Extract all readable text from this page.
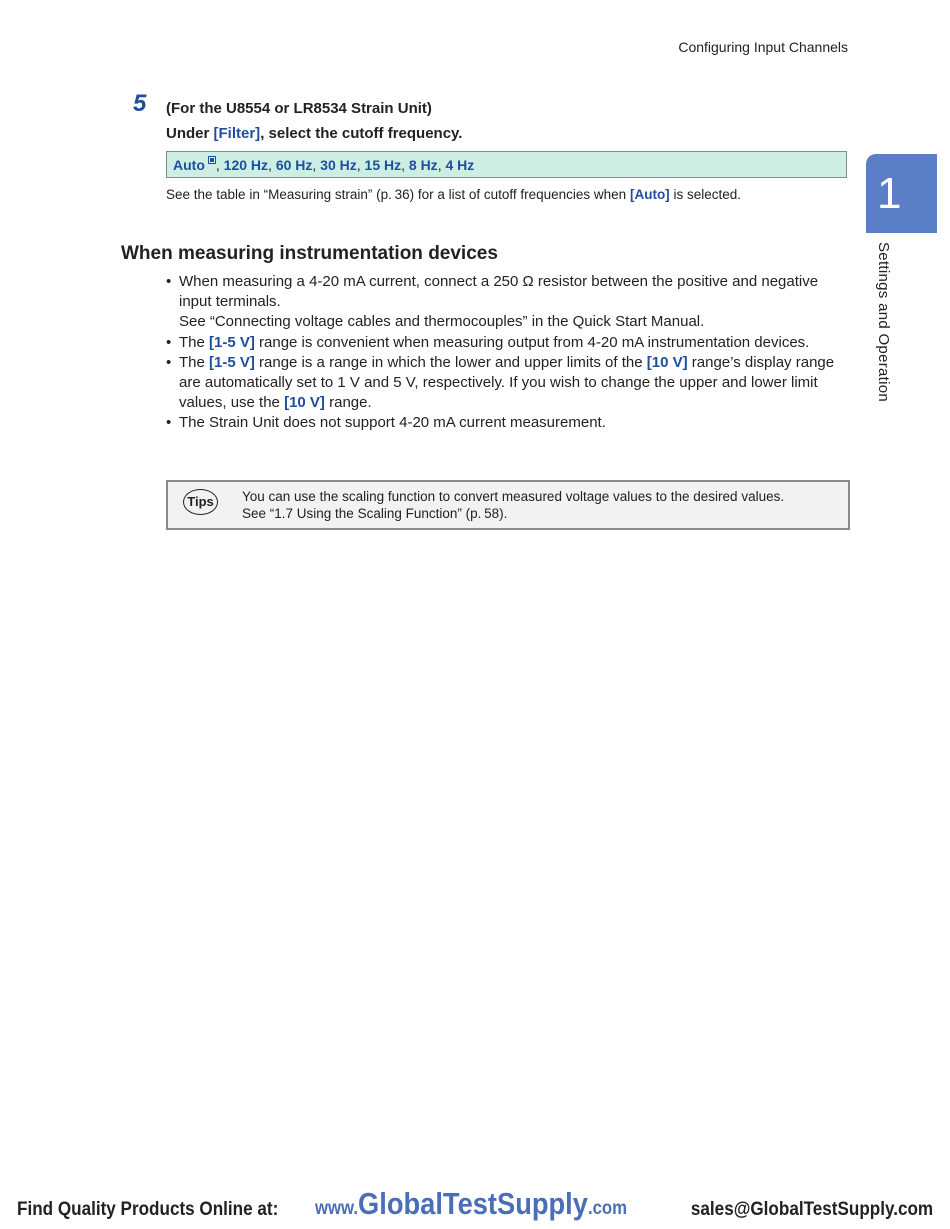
Configuring Input Channels
5 (For the U8554 or LR8534 Strain Unit)
Under [Filter], select the cutoff frequency.
Auto , 120 Hz, 60 Hz, 30 Hz, 15 Hz, 8 Hz, 4 Hz
See the table in “Measuring strain” (p. 36) for a list of cutoff frequencies when [Auto] is selected.
When measuring instrumentation devices
• When measuring a 4-20 mA current, connect a 250 Ω resistor between the positive and negative input terminals.
See “Connecting voltage cables and thermocouples” in the Quick Start Manual.
• The [1-5 V] range is convenient when measuring output from 4-20 mA instrumentation devices.
• The [1-5 V] range is a range in which the lower and upper limits of the [10 V] range’s display range are automatically set to 1 V and 5 V, respectively. If you wish to change the upper and lower limit values, use the [10 V] range.
• The Strain Unit does not support 4-20 mA current measurement.
Tips	You can use the scaling function to convert measured voltage values to the desired values.
See “1.7 Using the Scaling Function” (p. 58).
1
Settings and Operation
Find Quality Products Online at: www.GlobalTestSupply.com	sales@GlobalTestSupply.com
